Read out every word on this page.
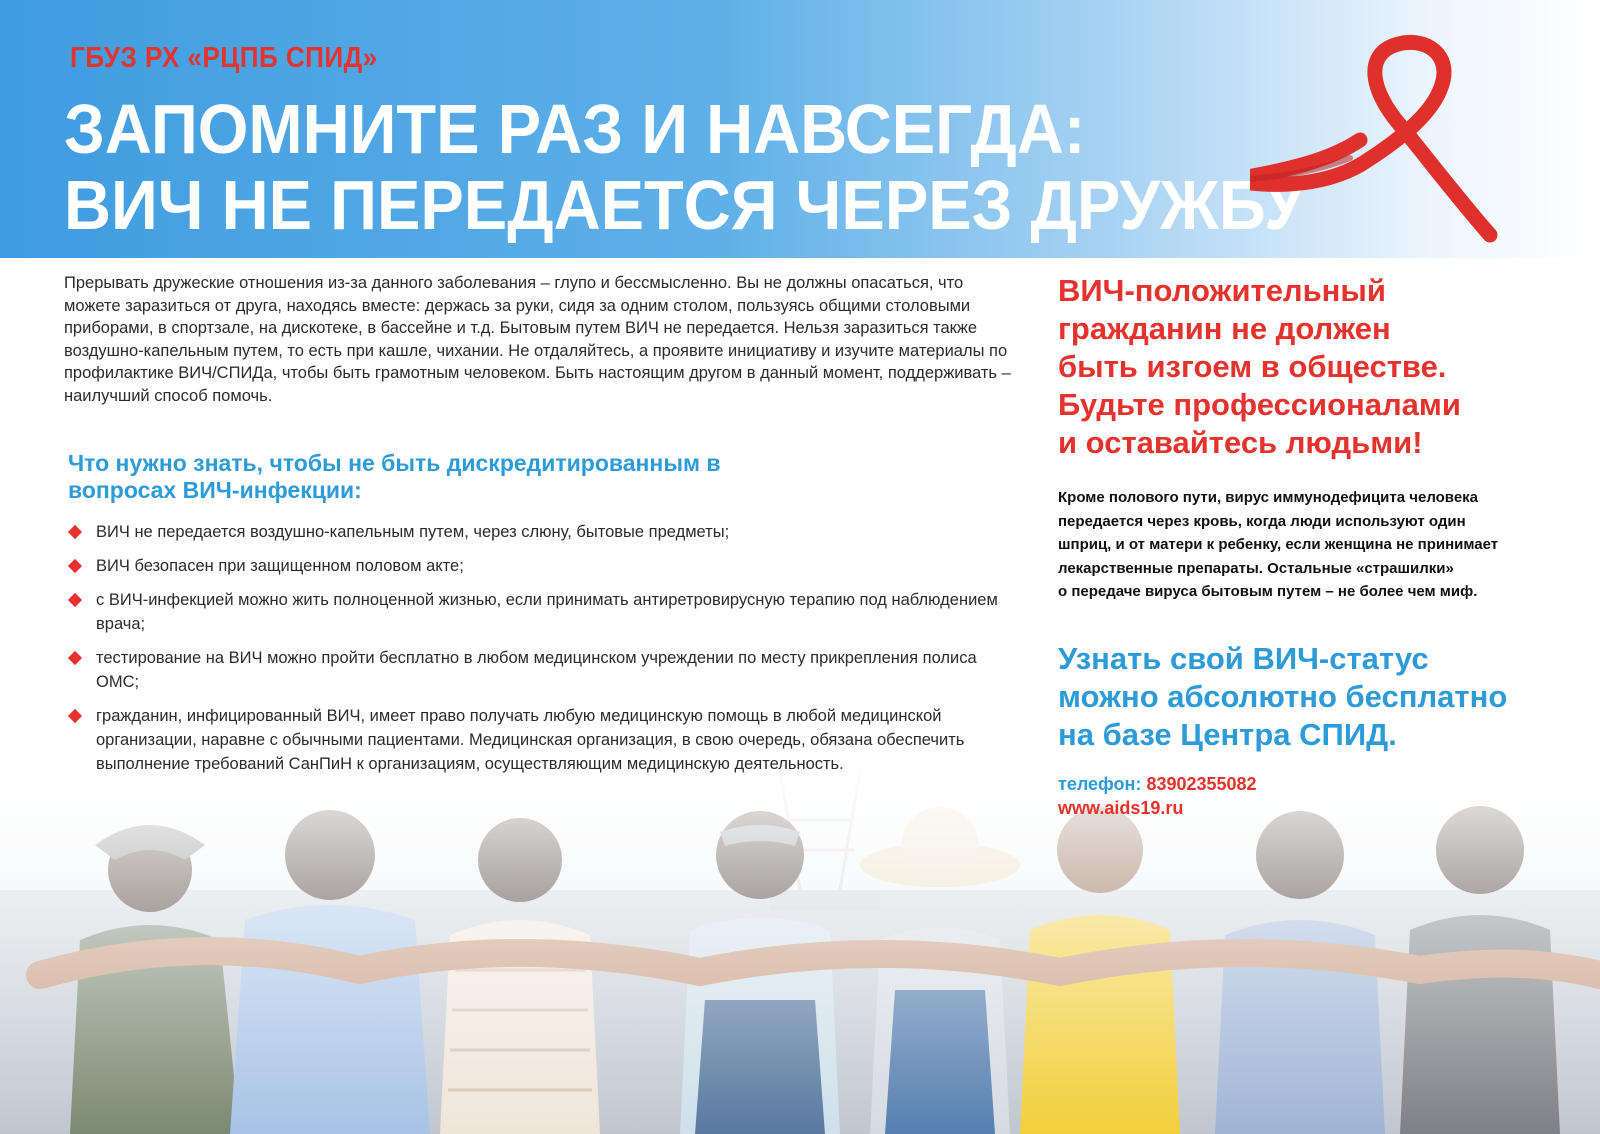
ГБУЗ РХ «РЦПБ СПИД»
ЗАПОМНИТЕ РАЗ И НАВСЕГДА:
ВИЧ НЕ ПЕРЕДАЕТСЯ ЧЕРЕЗ ДРУЖБУ
Прерывать дружеские отношения из-за данного заболевания – глупо и бессмысленно. Вы не должны опасаться, что можете заразиться от друга, находясь вместе: держась за руки, сидя за одним столом, пользуясь общими столовыми приборами, в спортзале, на дискотеке, в бассейне и т.д. Бытовым путем ВИЧ не передается. Нельзя заразиться также воздушно-капельным путем, то есть при кашле, чихании. Не отдаляйтесь, а проявите инициативу и изучите материалы по профилактике ВИЧ/СПИДа, чтобы быть грамотным человеком. Быть настоящим другом в данный момент, поддерживать – наилучший способ помочь.
Что нужно знать, чтобы не быть дискредитированным в вопросах ВИЧ-инфекции:
ВИЧ не передается воздушно-капельным путем, через слюну, бытовые предметы;
ВИЧ безопасен при защищенном половом акте;
с ВИЧ-инфекцией можно жить полноценной жизнью, если принимать антиретровирусную терапию под наблюдением врача;
тестирование на ВИЧ можно пройти бесплатно в любом медицинском учреждении по месту прикрепления полиса ОМС;
гражданин, инфицированный ВИЧ, имеет право получать любую медицинскую помощь в любой медицинской организации, наравне с обычными пациентами. Медицинская организация, в свою очередь, обязана обеспечить выполнение требований СанПиН к организациям, осуществляющим медицинскую деятельность.
ВИЧ-положительный
гражданин не должен
быть изгоем в обществе.
Будьте профессионалами
и оставайтесь людьми!
Кроме полового пути, вирус иммунодефицита человека
передается через кровь, когда люди используют один
шприц, и от матери к ребенку, если женщина не принимает
лекарственные препараты. Остальные «страшилки»
о передаче вируса бытовым путем – не более чем миф.
Узнать свой ВИЧ-статус
можно абсолютно бесплатно
на базе Центра СПИД.
телефон: 83902355082
www.aids19.ru
